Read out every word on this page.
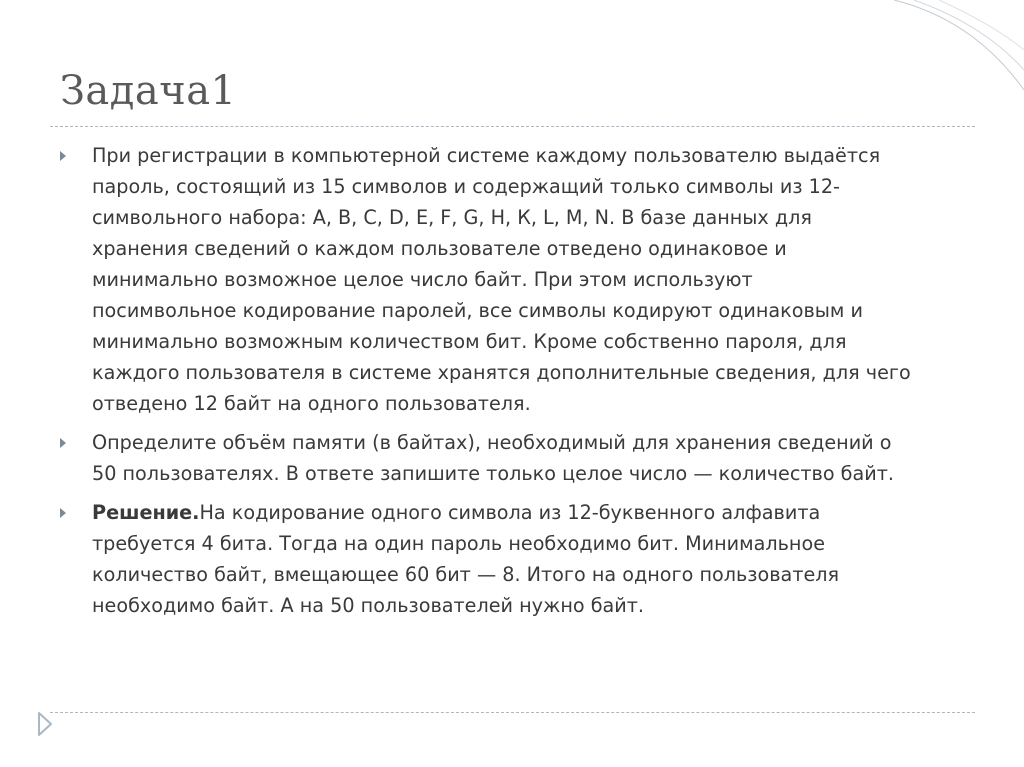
Задача1
При регистрации в компьютерной системе каждому пользователю выдаётся
пароль, состоящий из 15 символов и содержащий только символы из 12-
символьного набора: А, В, C, D, Е, F, G, H, К, L, M, N. В базе данных для
хранения сведений о каждом пользователе отведено одинаковое и
минимально возможное целое число байт. При этом используют
посимвольное кодирование паролей, все символы кодируют одинаковым и
минимально возможным количеством бит. Кроме собственно пароля, для
каждого пользователя в системе хранятся дополнительные сведения, для чего
отведено 12 байт на одного пользователя.
Определите объём памяти (в байтах), необходимый для хранения сведений о
50 пользователях. В ответе запишите только целое число — количество байт.
Решение.На кодирование одного символа из 12-буквенного алфавита
требуется 4 бита. Тогда на один пароль необходимо бит. Минимальное
количество байт, вмещающее 60 бит — 8. Итого на одного пользователя
необходимо байт. А на 50 пользователей нужно байт.
